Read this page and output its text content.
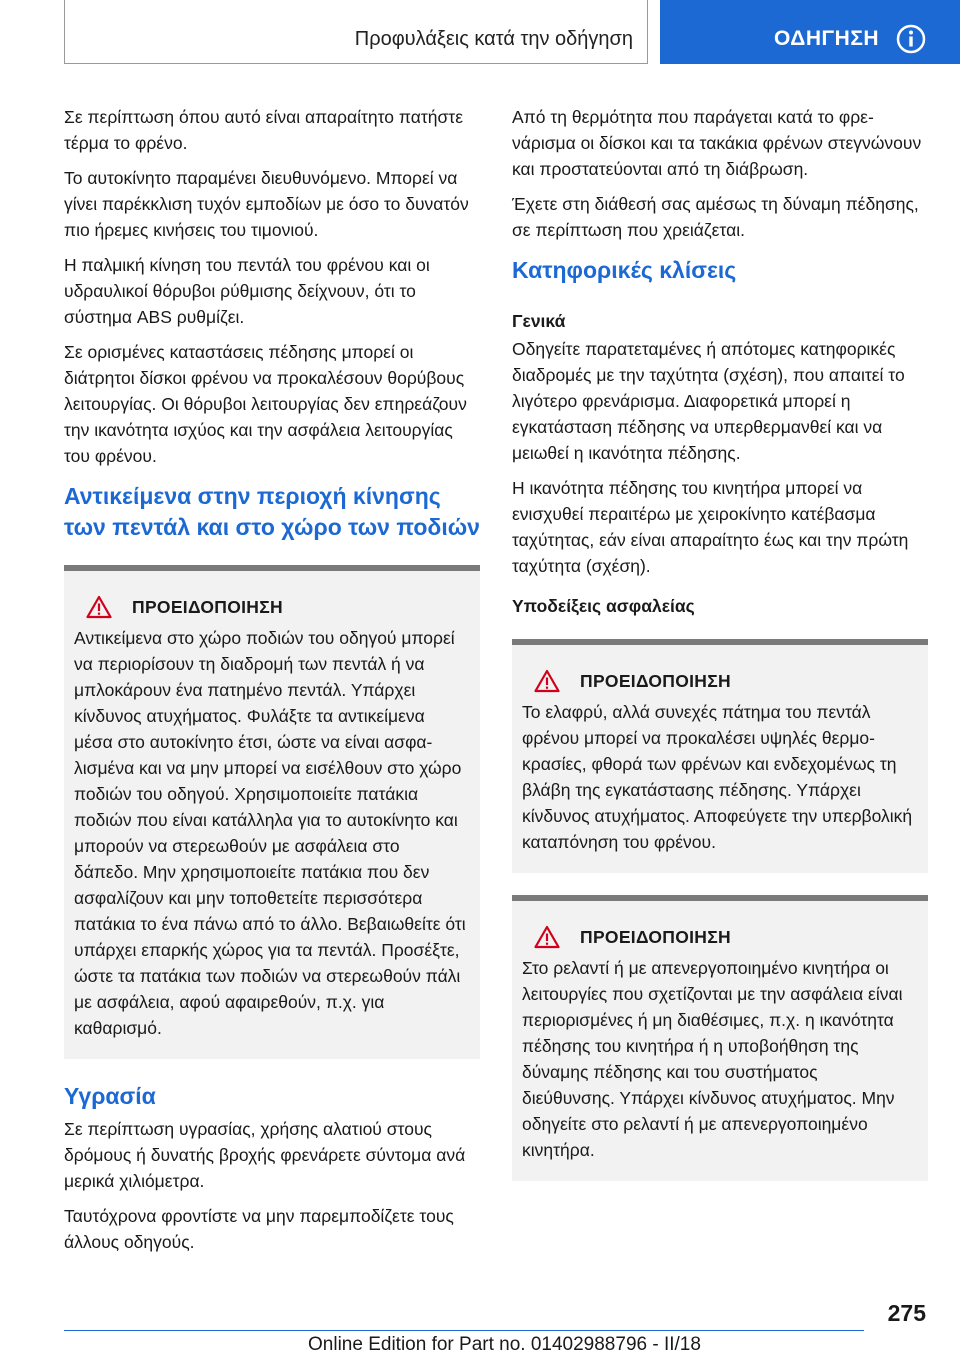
Προφυλάξεις κατά την οδήγηση	ΟΔΗΓΗΣΗ

Σε περίπτωση όπου αυτό είναι απαραίτητο πατήστε τέρμα το φρένο.

Το αυτοκίνητο παραμένει διευθυνόμενο. Μπορεί να γίνει παρέκκλιση τυχόν εμποδίων με όσο το δυνατόν πιο ήρεμες κινήσεις του τιμονιού.

Η παλμική κίνηση του πεντάλ του φρένου και οι υδραυλικοί θόρυβοι ρύθμισης δείχνουν, ότι το σύστημα ABS ρυθμίζει.

Σε ορισμένες καταστάσεις πέδησης μπορεί οι διάτρητοι δίσκοι φρένου να προκαλέσουν θορύβους λειτουργίας. Οι θόρυβοι λειτουργίας δεν επηρεάζουν την ικανότητα ισχύος και την ασφάλεια λειτουργίας του φρένου.

Αντικείμενα στην περιοχή κίνησης των πεντάλ και στο χώρο των ποδιών
ΠΡΟΕΙΔΟΠΟΙΗΣΗ

Αντικείμενα στο χώρο ποδιών του οδηγού μπορεί να περιορίσουν τη διαδρομή των πεντάλ ή να μπλοκάρουν ένα πατημένο πεντάλ. Υπάρχει κίνδυνος ατυχήματος. Φυλάξτε τα αντικείμενα μέσα στο αυτοκίνητο έτσι, ώστε να είναι ασφαλισμένα και να μην μπορεί να εισέλθουν στο χώρο ποδιών του οδηγού. Χρησιμοποιείτε πατάκια ποδιών που είναι κατάλληλα για το αυτοκίνητο και μπορούν να στερεωθούν με ασφάλεια στο δάπεδο. Μην χρησιμοποιείτε πατάκια που δεν ασφαλίζουν και μην τοποθετείτε περισσότερα πατάκια το ένα πάνω από το άλλο. Βεβαιωθείτε ότι υπάρχει επαρκής χώρος για τα πεντάλ. Προσέξτε, ώστε τα πατάκια των ποδιών να στερεωθούν πάλι με ασφάλεια, αφού αφαιρεθούν, π.χ. για καθαρισμό.

Υγρασία

Σε περίπτωση υγρασίας, χρήσης αλατιού στους δρόμους ή δυνατής βροχής φρενάρετε σύντομα ανά μερικά χιλιόμετρα.

Ταυτόχρονα φροντίστε να μην παρεμποδίζετε τους άλλους οδηγούς.

Από τη θερμότητα που παράγεται κατά το φρενάρισμα οι δίσκοι και τα τακάκια φρένων στεγνώνουν και προστατεύονται από τη διάβρωση.

Έχετε στη διάθεσή σας αμέσως τη δύναμη πέδησης, σε περίπτωση που χρειάζεται.

Κατηφορικές κλίσεις
Γενικά

Οδηγείτε παρατεταμένες ή απότομες κατηφορικές διαδρομές με την ταχύτητα (σχέση), που απαιτεί το λιγότερο φρενάρισμα. Διαφορετικά μπορεί η εγκατάσταση πέδησης να υπερθερμανθεί και να μειωθεί η ικανότητα πέδησης.

Η ικανότητα πέδησης του κινητήρα μπορεί να ενισχυθεί περαιτέρω με χειροκίνητο κατέβασμα ταχύτητας, εάν είναι απαραίτητο έως και την πρώτη ταχύτητα (σχέση).

Υποδείξεις ασφαλείας
ΠΡΟΕΙΔΟΠΟΙΗΣΗ

Το ελαφρύ, αλλά συνεχές πάτημα του πεντάλ φρένου μπορεί να προκαλέσει υψηλές θερμοκρασίες, φθορά των φρένων και ενδεχομένως τη βλάβη της εγκατάστασης πέδησης. Υπάρχει κίνδυνος ατυχήματος. Αποφεύγετε την υπερβολική καταπόνηση του φρένου.

ΠΡΟΕΙΔΟΠΟΙΗΣΗ

Στο ρελαντί ή με απενεργοποιημένο κινητήρα οι λειτουργίες που σχετίζονται με την ασφάλεια είναι περιορισμένες ή μη διαθέσιμες, π.χ. η ικανότητα πέδησης του κινητήρα ή η υποβοήθηση της δύναμης πέδησης και του συστήματος διεύθυνσης. Υπάρχει κίνδυνος ατυχήματος. Μην οδηγείτε στο ρελαντί ή με απενεργοποιημένο κινητήρα.

275
Online Edition for Part no. 01402988796 - II/18
